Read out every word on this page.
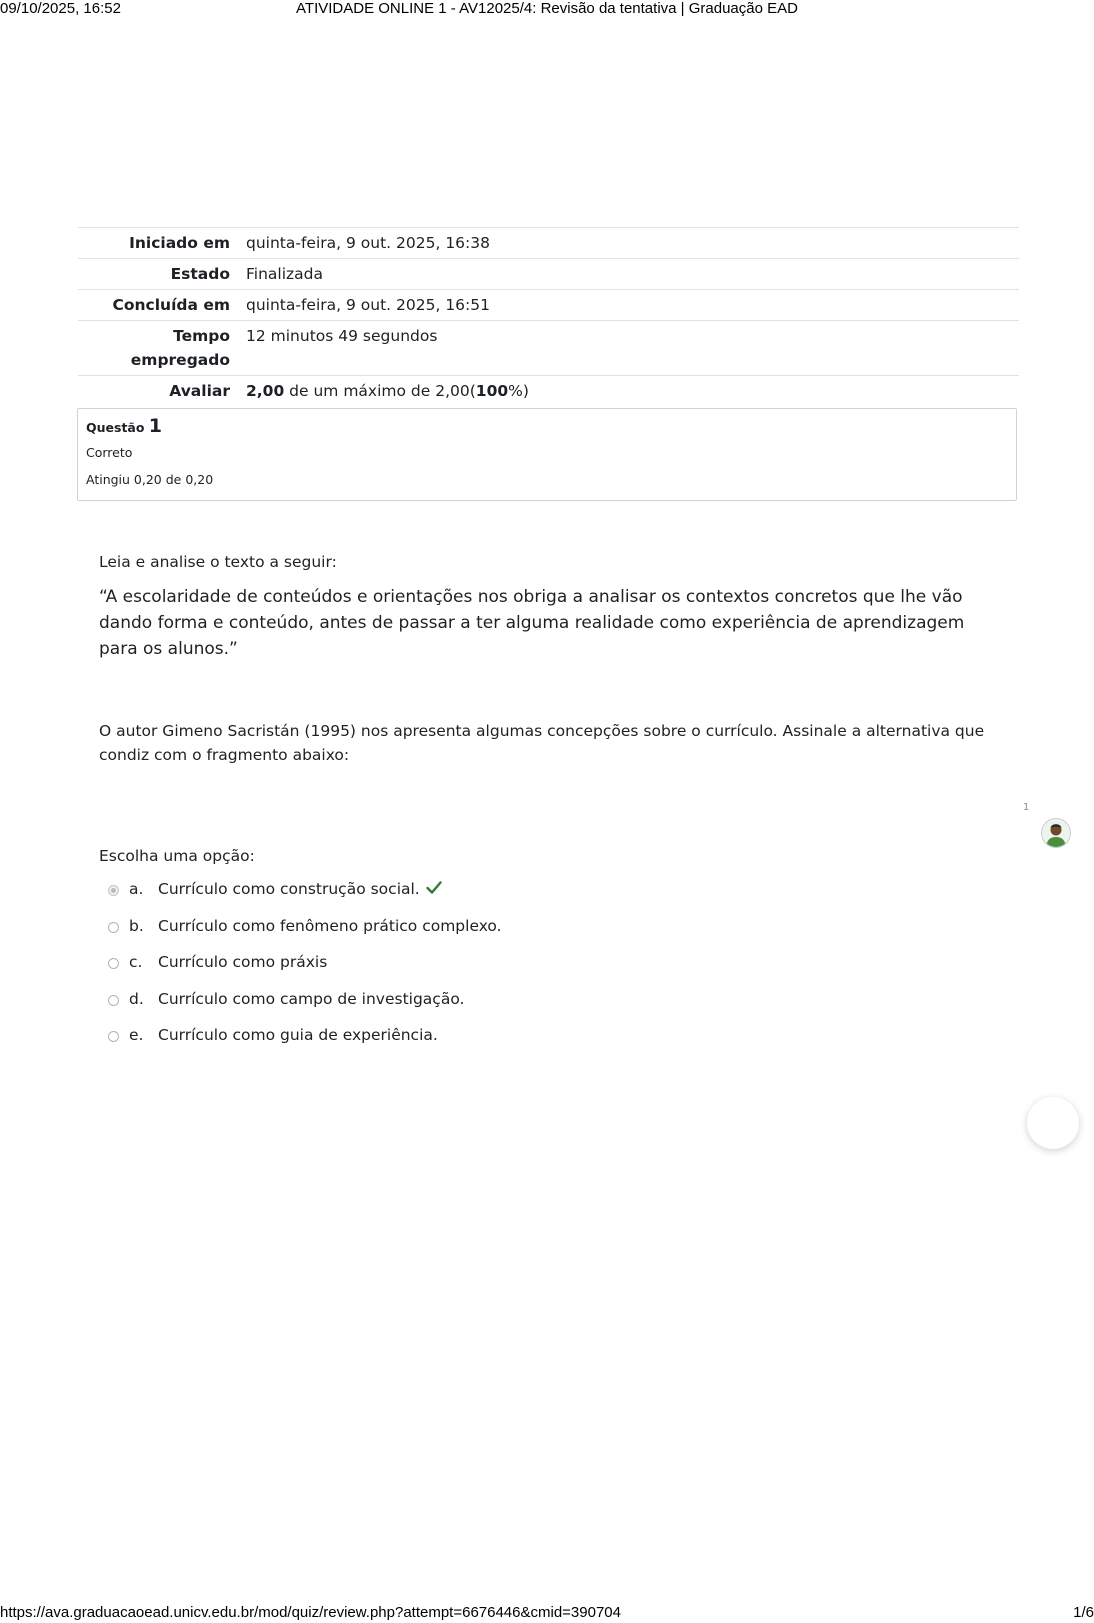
09/10/2025, 16:52	ATIVIDADE ONLINE 1 - AV12025/4: Revisão da tentativa | Graduação EAD
Iniciado em	quinta-feira, 9 out. 2025, 16:38
Estado	Finalizada
Concluída em	quinta-feira, 9 out. 2025, 16:51
Tempo
empregado	12 minutos 49 segundos
Avaliar	2,00 de um máximo de 2,00(100%)
Questão 1
Correto
Atingiu 0,20 de 0,20
Leia e analise o texto a seguir:
“A escolaridade de conteúdos e orientações nos obriga a analisar os contextos concretos que lhe vão dando forma e conteúdo, antes de passar a ter alguma realidade como experiência de aprendizagem para os alunos.”
O autor Gimeno Sacristán (1995) nos apresenta algumas concepções sobre o currículo. Assinale a alternativa que condiz com o fragmento abaixo:
Escolha uma opção:
a. Currículo como construção social.
b. Currículo como fenômeno prático complexo.
c.	Currículo como práxis
d. Currículo como campo de investigação.
e. Currículo como guia de experiência.
1
https://ava.graduacaoead.unicv.edu.br/mod/quiz/review.php?attempt=6676446&cmid=390704	1/6
